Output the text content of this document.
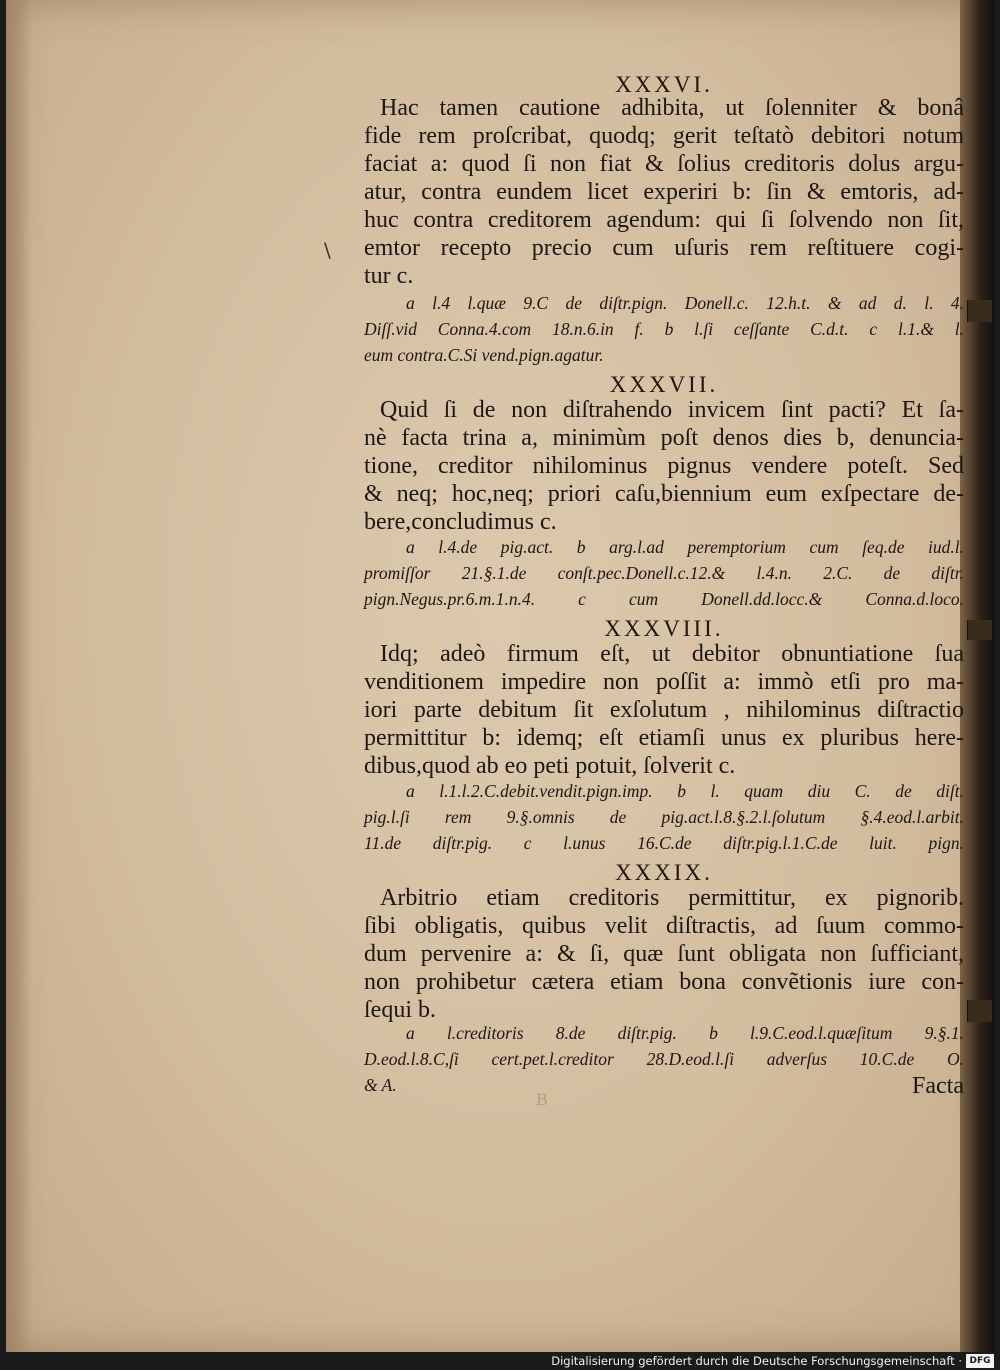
\
XXXVI.
Hac tamen cautione adhibita, ut ſolenniter & bonâ
fide rem proſcribat, quodq; gerit teſtatò debitori notum
faciat a: quod ſi non fiat & ſolius creditoris dolus argu-
atur, contra eundem licet experiri b: ſin & emtoris, ad-
huc contra creditorem agendum: qui ſi ſolvendo non ſit,
emtor recepto precio cum uſuris rem reſtituere cogi-
tur c.
a l.4 l.quæ 9.C de diſtr.pign. Donell.c. 12.h.t. & ad d. l. 4.
Diſſ.vid Conna.4.com 18.n.6.in f. b l.ſi ceſſante C.d.t. c l.1.& l.
eum contra.C.Si vend.pign.agatur.
XXXVII.
Quid ſi de non diſtrahendo invicem ſint pacti? Et ſa-
nè facta trina a, minimùm poſt denos dies b, denuncia-
tione, creditor nihilominus pignus vendere poteſt. Sed
& neq; hoc,neq; priori caſu,biennium eum exſpectare de-
bere,concludimus c.
a l.4.de pig.act. b arg.l.ad peremptorium cum ſeq.de iud.l.
promiſſor 21.§.1.de conſt.pec.Donell.c.12.& l.4.n. 2.C. de diſtr.
pign.Negus.pr.6.m.1.n.4. c cum Donell.dd.locc.& Conna.d.loco.
XXXVIII.
Idq; adeò firmum eſt, ut debitor obnuntiatione ſua
venditionem impedire non poſſit a: immò etſi pro ma-
iori parte debitum ſit exſolutum , nihilominus diſtractio
permittitur b: idemq; eſt etiamſi unus ex pluribus here-
dibus,quod ab eo peti potuit, ſolverit c.
a l.1.l.2.C.debit.vendit.pign.imp. b l. quam diu C. de diſt.
pig.l.ſi rem 9.§.omnis de pig.act.l.8.§.2.l.ſolutum §.4.eod.l.arbit.
11.de diſtr.pig. c l.unus 16.C.de diſtr.pig.l.1.C.de luit. pign.
XXXIX.
Arbitrio etiam creditoris permittitur, ex pignorib.
ſibi obligatis, quibus velit diſtractis, ad ſuum commo-
dum pervenire a: & ſi, quæ ſunt obligata non ſufficiant,
non prohibetur cætera etiam bona convẽtionis iure con-
ſequi b.
a l.creditoris 8.de diſtr.pig. b l.9.C.eod.l.quæſitum 9.§.1.
D.eod.l.8.C,ſi cert.pet.l.creditor 28.D.eod.l.ſi adverſus 10.C.de O.
& A.	Facta
B
Digitalisierung gefördert durch die Deutsche Forschungsgemeinschaft · DFG
